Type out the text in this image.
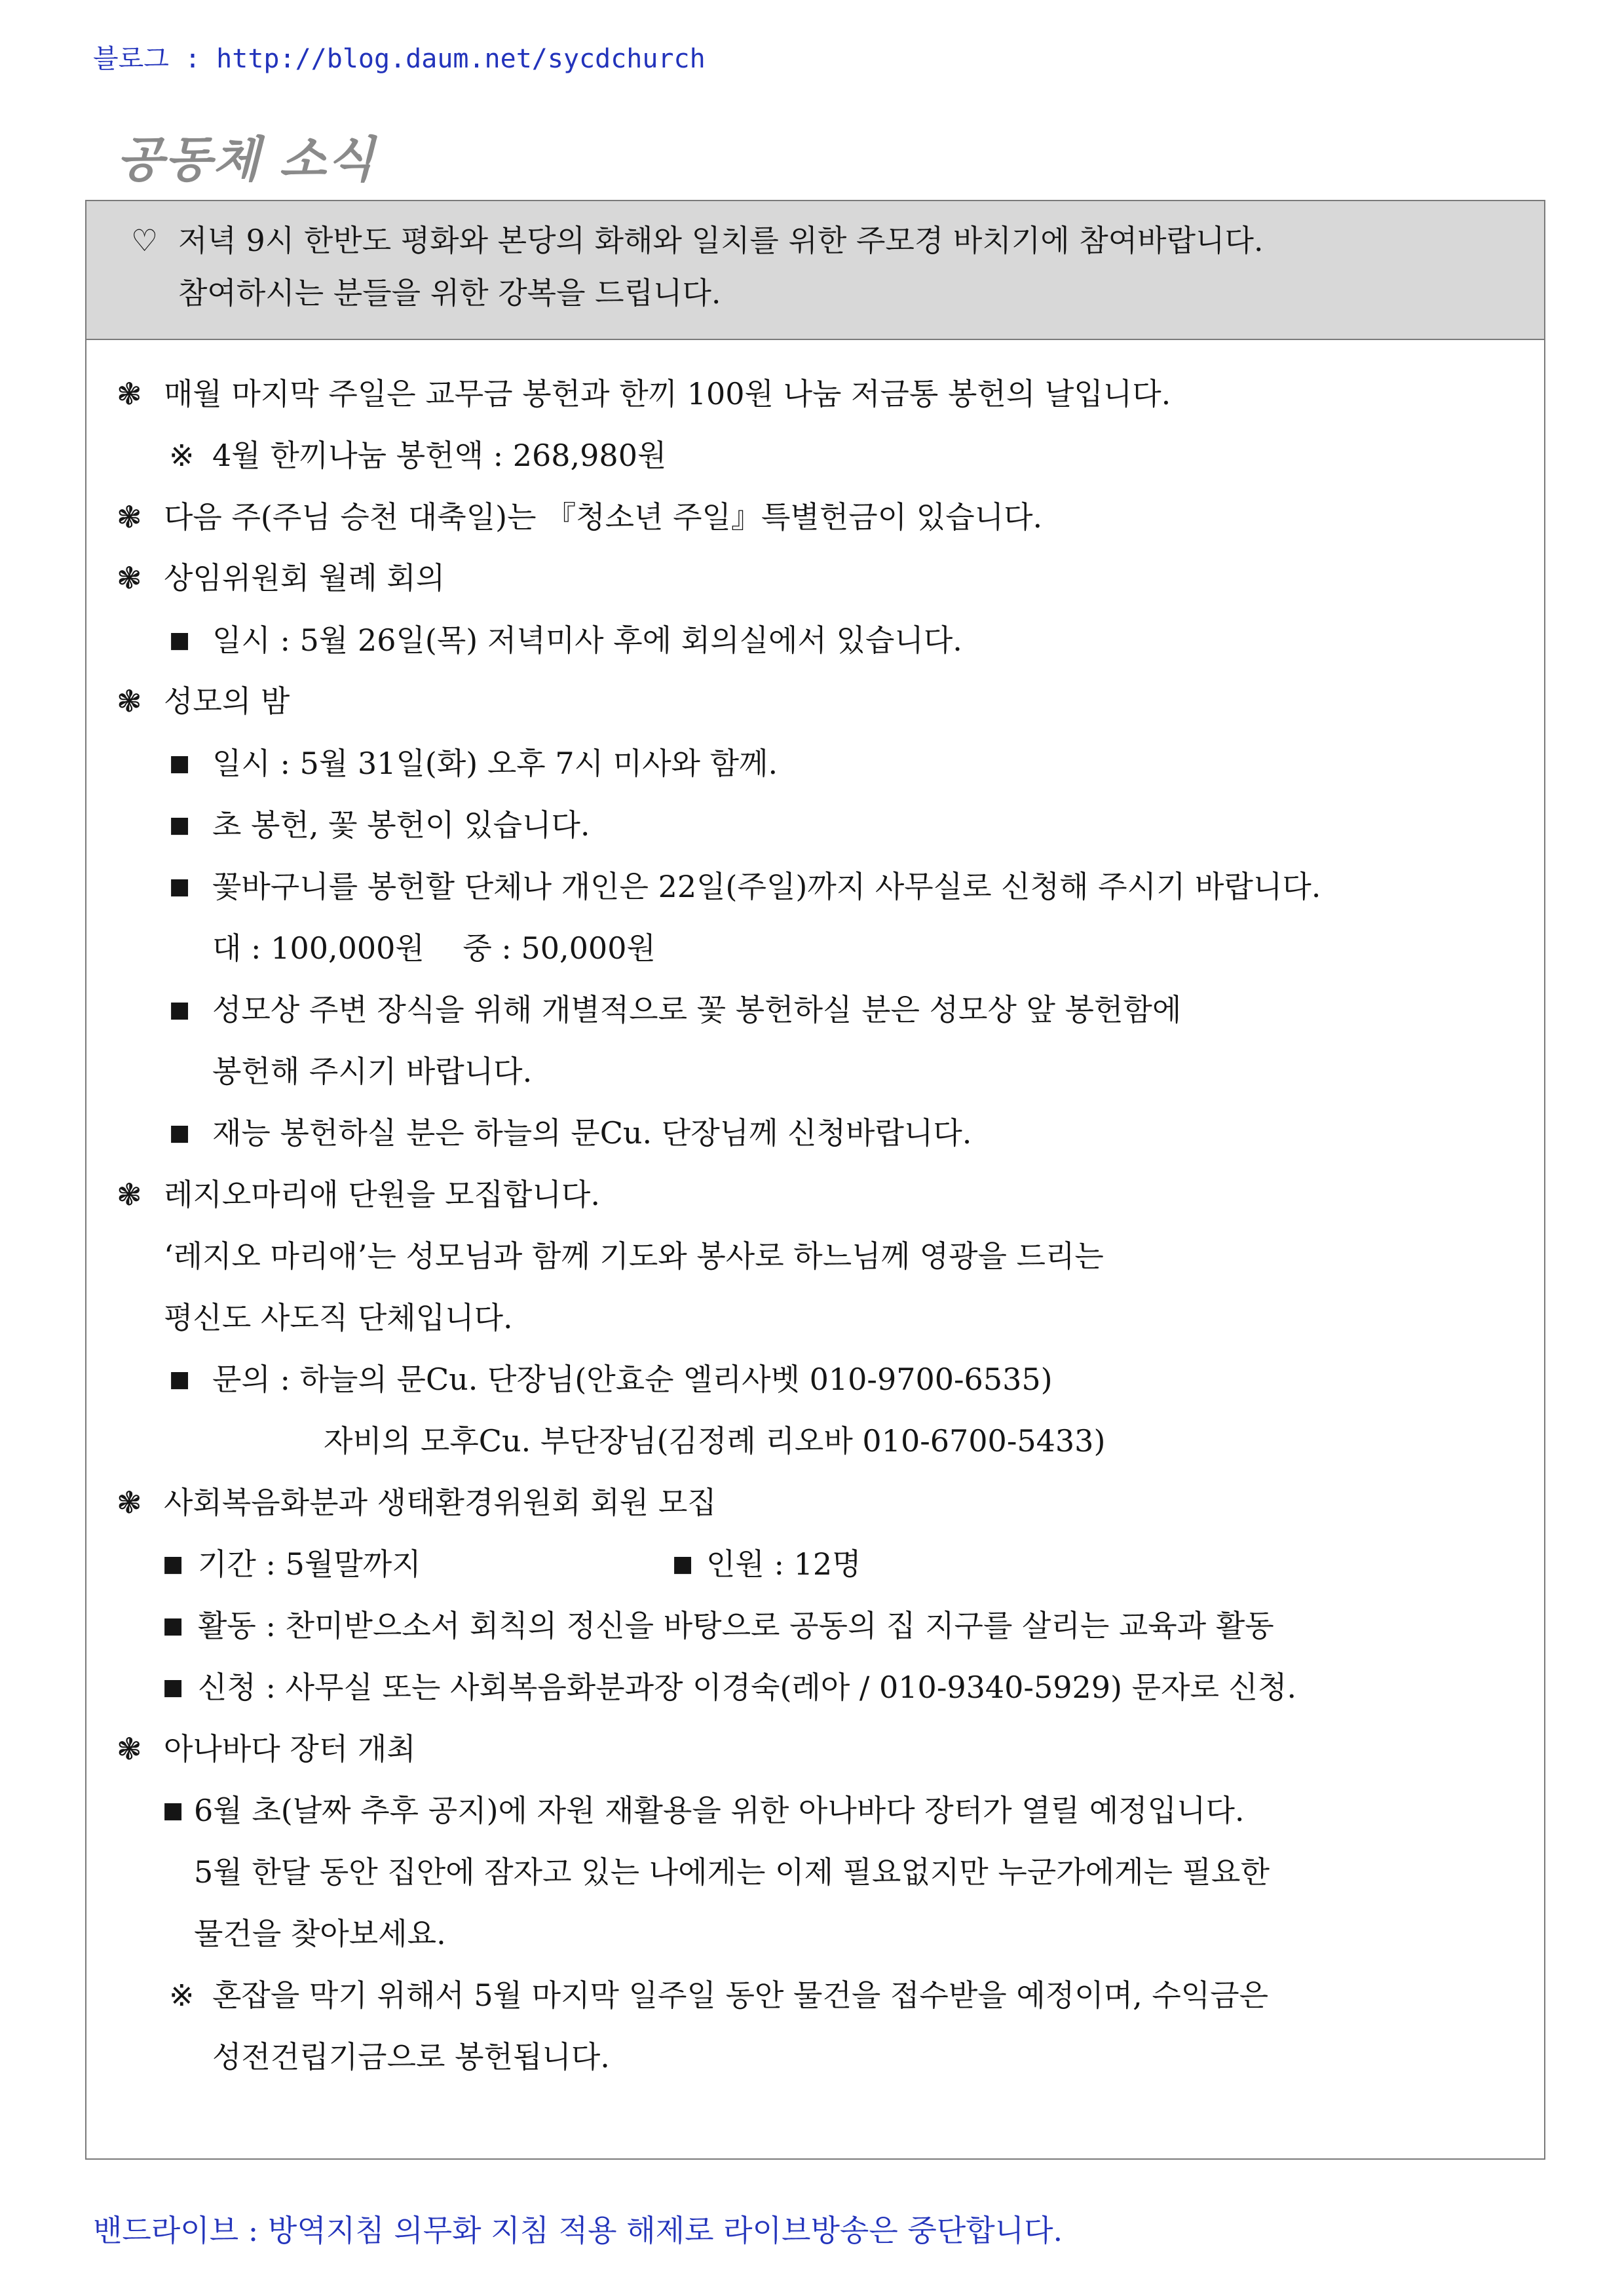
블로그 : http://blog.daum.net/sycdchurch
공동체 소식
♡ 저녁 9시 한반도 평화와 본당의 화해와 일치를 위한 주모경 바치기에 참여바랍니다.
참여하시는 분들을 위한 강복을 드립니다.
❃ 매월 마지막 주일은 교무금 봉헌과 한끼 100원 나눔 저금통 봉헌의 날입니다.
※ 4월 한끼나눔 봉헌액 : 268,980원
❃ 다음 주(주님 승천 대축일)는 『청소년 주일』특별헌금이 있습니다.
❃ 상임위원회 월례 회의
■ 일시 : 5월 26일(목) 저녁미사 후에 회의실에서 있습니다.
❃ 성모의 밤
■ 일시 : 5월 31일(화) 오후 7시 미사와 함께.
■ 초 봉헌, 꽃 봉헌이 있습니다.
■ 꽃바구니를 봉헌할 단체나 개인은 22일(주일)까지 사무실로 신청해 주시기 바랍니다.
대 : 100,000원    중 : 50,000원
■ 성모상 주변 장식을 위해 개별적으로 꽃 봉헌하실 분은 성모상 앞 봉헌함에
봉헌해 주시기 바랍니다.
■ 재능 봉헌하실 분은 하늘의 문Cu. 단장님께 신청바랍니다.
❃ 레지오마리애 단원을 모집합니다.
‘레지오 마리애’는 성모님과 함께 기도와 봉사로 하느님께 영광을 드리는
평신도 사도직 단체입니다.
■ 문의 : 하늘의 문Cu. 단장님(안효순 엘리사벳 010-9700-6535)
자비의 모후Cu. 부단장님(김정례 리오바 010-6700-5433)
❃ 사회복음화분과 생태환경위원회 회원 모집
■ 기간 : 5월말까지	■ 인원 : 12명
■ 활동 : 찬미받으소서 회칙의 정신을 바탕으로 공동의 집 지구를 살리는 교육과 활동
■ 신청 : 사무실 또는 사회복음화분과장 이경숙(레아 / 010-9340-5929) 문자로 신청.
❃ 아나바다 장터 개최
■ 6월 초(날짜 추후 공지)에 자원 재활용을 위한 아나바다 장터가 열릴 예정입니다.
5월 한달 동안 집안에 잠자고 있는 나에게는 이제 필요없지만 누군가에게는 필요한
물건을 찾아보세요.
※ 혼잡을 막기 위해서 5월 마지막 일주일 동안 물건을 접수받을 예정이며, 수익금은
성전건립기금으로 봉헌됩니다.
밴드라이브 : 방역지침 의무화 지침 적용 해제로 라이브방송은 중단합니다.
